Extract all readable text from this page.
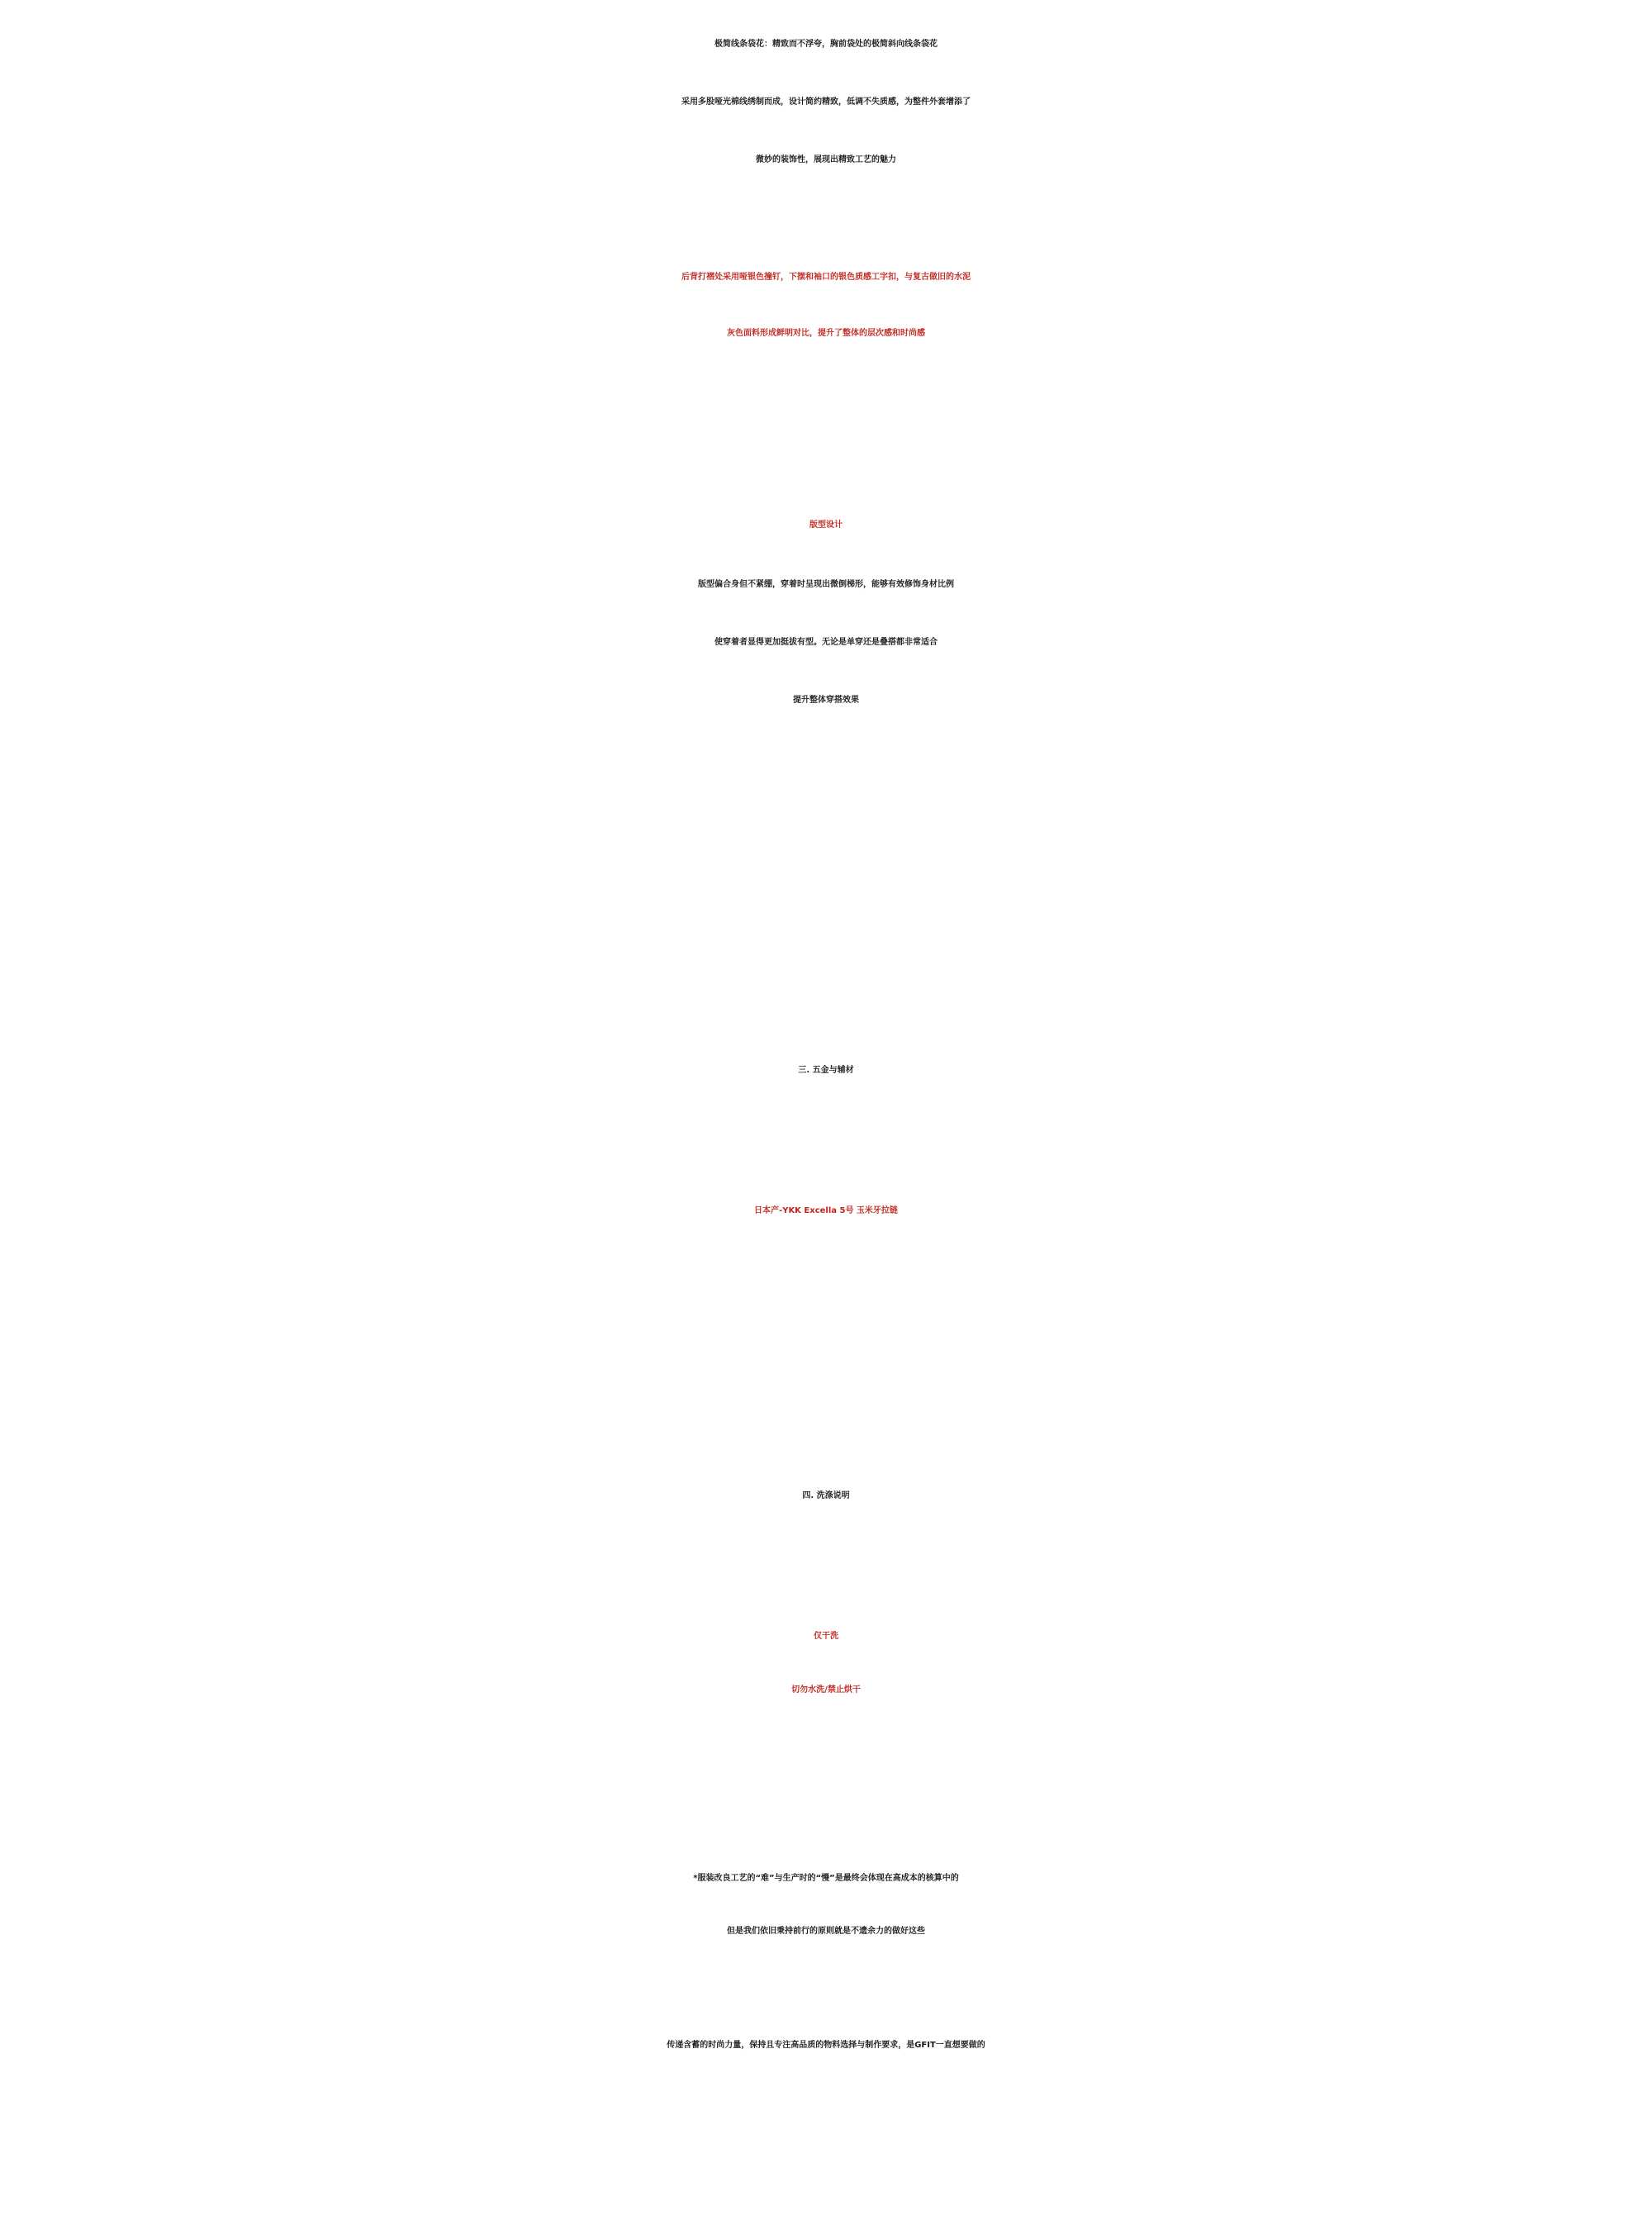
极简线条袋花：精致而不浮夸，胸前袋处的极简斜向线条袋花
采用多股哑光棉线绣制而成，设计简约精致，低调不失质感，为整件外套增添了
微妙的装饰性，展现出精致工艺的魅力
后背打褶处采用哑银色撞钉，下摆和袖口的银色质感工字扣，与复古做旧的水泥
灰色面料形成鲜明对比，提升了整体的层次感和时尚感
版型设计
版型偏合身但不紧绷，穿着时呈现出微倒梯形，能够有效修饰身材比例
使穿着者显得更加挺拔有型。无论是单穿还是叠搭都非常适合
提升整体穿搭效果
三. 五金与辅材
日本产-YKK Excella 5号 玉米牙拉链
四. 洗涤说明
仅干洗
切勿水洗/禁止烘干
*服装改良工艺的“难”与生产时的“慢”是最终会体现在高成本的核算中的
但是我们依旧秉持前行的原则就是不遗余力的做好这些
传递含蓄的时尚力量，保持且专注高品质的物料选择与制作要求，是GFIT一直想要做的
